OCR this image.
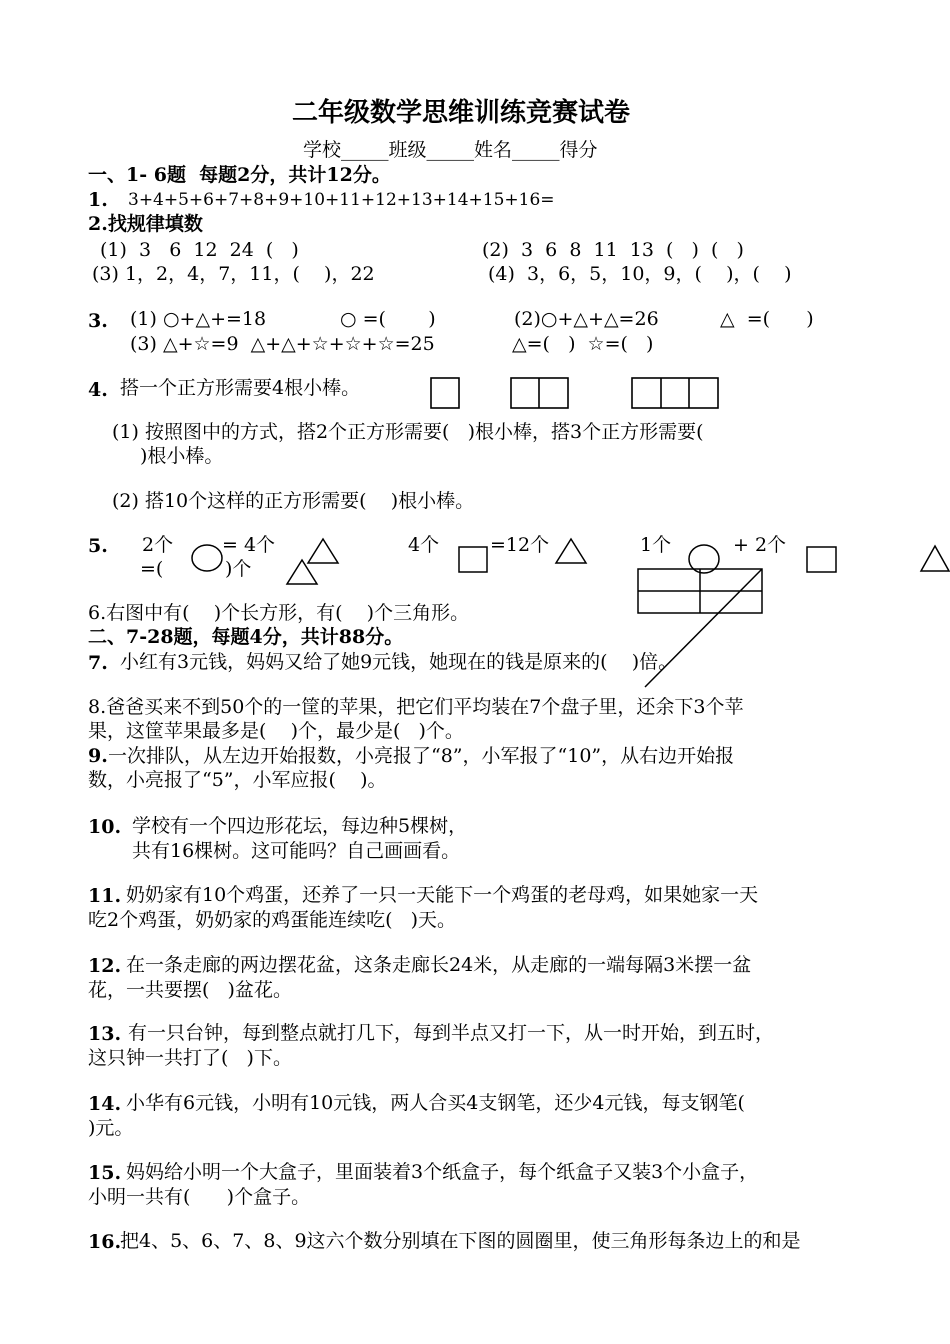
二年级数学思维训练竞赛试卷
学校_____班级_____姓名_____得分
一、1- 6题  每题2分，共计12分。
1. 3+4+5+6+7+8+9+10+11+12+13+14+15+16=
2.找规律填数
(1)  3   6  12  24  (   )	(2)  3  6  8  11  13  (   )  (   )
(3) 1，2，4，7，11，(    )，22	(4)  3，6，5，10，9，(    )，(    )
3. (1) ○+△+=18	○ =(       )	(2)○+△+△=26	△  =(      )
(3) △+☆=9  △+△+☆+☆+☆=25	△=(   )  ☆=(   )
4. 搭一个正方形需要4根小棒。
(1) 按照图中的方式，搭2个正方形需要(   )根小棒，搭3个正方形需要(
)根小棒。
(2) 搭10个这样的正方形需要(    )根小棒。
5. 2个	= 4个
=(	)个
4个	=12个	1个	+ 2个
6.右图中有(    )个长方形，有(    )个三角形。
二、7-28题，每题4分，共计88分。
7. 小红有3元钱，妈妈又给了她9元钱，她现在的钱是原来的(    )倍。
8.爸爸买来不到50个的一筐的苹果，把它们平均装在7个盘子里，还余下3个苹
果，这筐苹果最多是(    )个，最少是(   )个。
9. 一次排队，从左边开始报数，小亮报了“8”，小军报了“10”，从右边开始报
数，小亮报了“5”，小军应报(    )。
10. 学校有一个四边形花坛，每边种5棵树，
共有16棵树。这可能吗？自己画画看。
11. 奶奶家有10个鸡蛋，还养了一只一天能下一个鸡蛋的老母鸡，如果她家一天
吃2个鸡蛋，奶奶家的鸡蛋能连续吃(   )天。
12. 在一条走廊的两边摆花盆，这条走廊长24米，从走廊的一端每隔3米摆一盆
花，一共要摆(   )盆花。
13. 有一只台钟，每到整点就打几下，每到半点又打一下，从一时开始，到五时，
这只钟一共打了(   )下。
14. 小华有6元钱，小明有10元钱，两人合买4支钢笔，还少4元钱，每支钢笔(
)元。
15. 妈妈给小明一个大盒子，里面装着3个纸盒子，每个纸盒子又装3个小盒子，
小明一共有(      )个盒子。
16.
把4、5、6、7、8、9这六个数分别填在下图的圆圈里，使三角形每条边上的和是
